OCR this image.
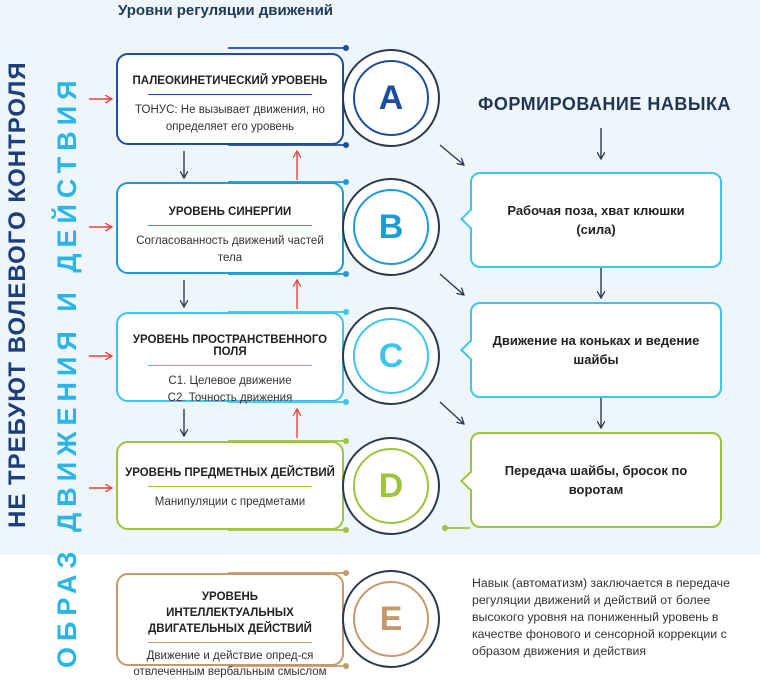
Уровни регуляции движений
НЕ ТРЕБУЮТ ВОЛЕВОГО КОНТРОЛЯ ОБРАЗ ДВИЖЕНИЯ И ДЕЙСТВИЯ	ПАЛЕОКИНЕТИЧЕСКИЙ УРОВЕНЬ
ТОНУС: Не вызывает движения, но определяет его уровень
УРОВЕНЬ СИНЕРГИИ
Согласованность движений частей тела
УРОВЕНЬ ПРОСТРАНСТВЕННОГО ПОЛЯ
С1. Целевое движение С2. Точность движения
УРОВЕНЬ ПРЕДМЕТНЫХ ДЕЙСТВИЙ
Манипуляции с предметами
УРОВЕНЬ ИНТЕЛЛЕКТУАЛЬНЫХ ДВИГАТЕЛЬНЫХ ДЕЙСТВИЙ
Движение и действие опред-ся отвлеченным вербальным смыслом
A
B
C
D
E
ФОРМИРОВАНИЕ НАВЫКА
Рабочая поза, хват клюшки (сила)
Движение на коньках и ведение шайбы
Передача шайбы, бросок по воротам
Навык (автоматизм) заключается в передаче регуляции движений и действий от более высокого уровня на пониженный уровень в качестве фонового и сенсорной коррекции с образом движения и действия
